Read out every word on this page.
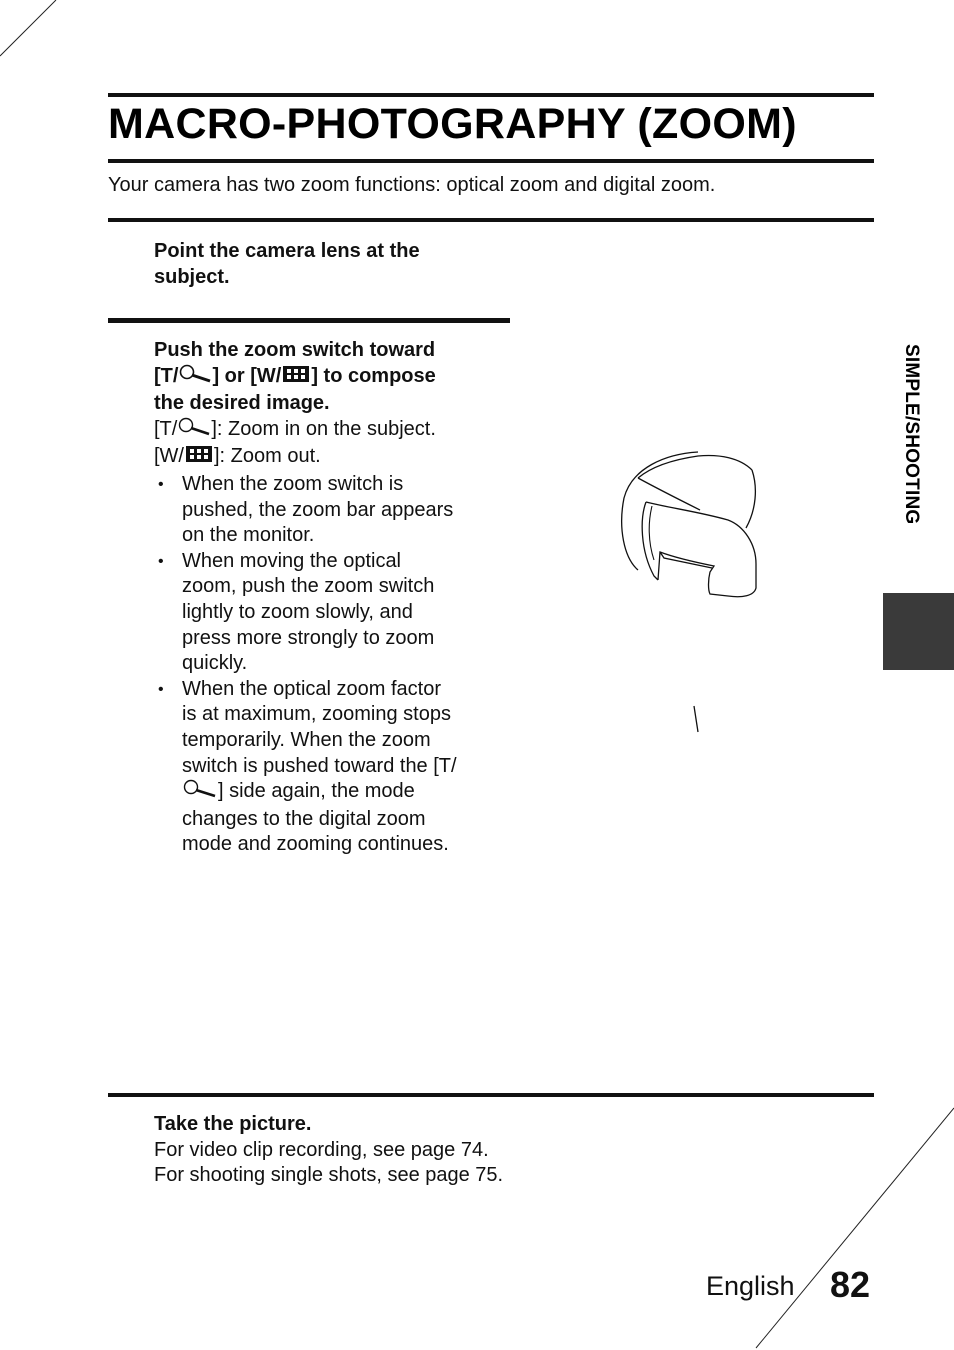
MACRO-PHOTOGRAPHY (ZOOM)
Your camera has two zoom functions: optical zoom and digital zoom.
Point the camera lens at the
subject.
Push the zoom switch toward
[T/ ] or [W/ ] to compose
the desired image.
[T/ ]: Zoom in on the subject.
[W/ ]: Zoom out.
• When the zoom switch is
pushed, the zoom bar appears
on the monitor.
• When moving the optical
zoom, push the zoom switch
lightly to zoom slowly, and
press more strongly to zoom
quickly.
• When the optical zoom factor
is at maximum, zooming stops
temporarily. When the zoom
switch is pushed toward the [T/
] side again, the mode
changes to the digital zoom
mode and zooming continues.
SIMPLE/SHOOTING
Take the picture.
For video clip recording, see page 74.
For shooting single shots, see page 75.
English 82
